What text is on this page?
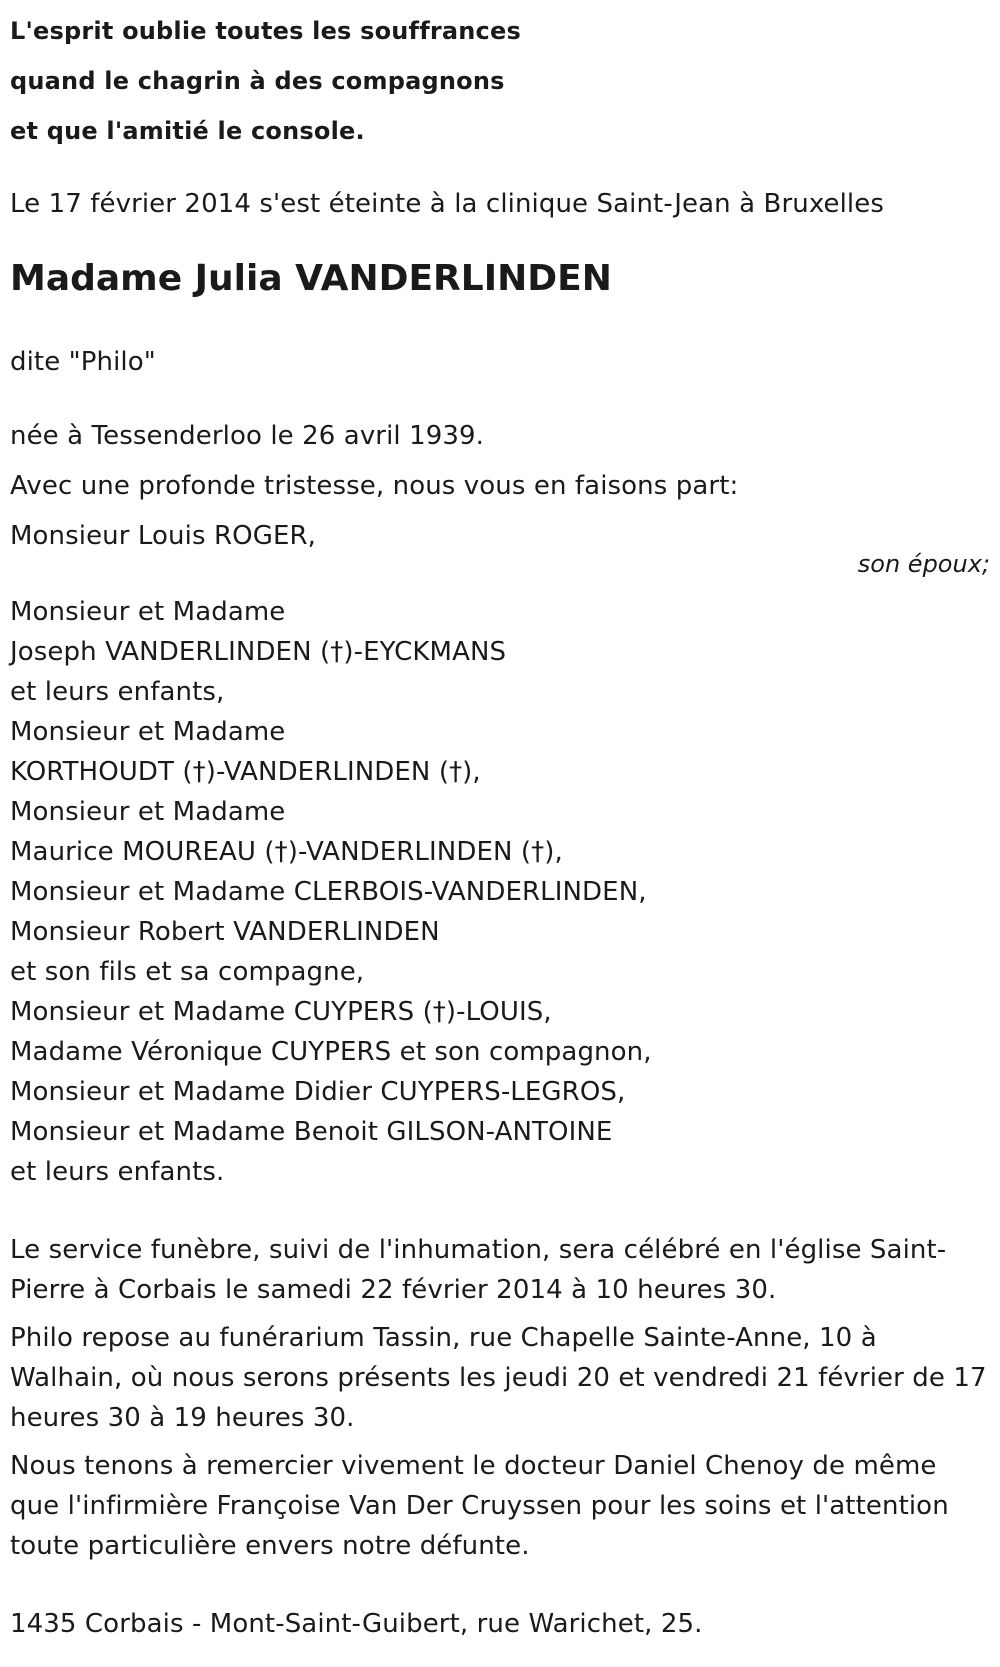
L'esprit oublie toutes les souffrances
quand le chagrin à des compagnons
et que l'amitié le console.

Le 17 février 2014 s'est éteinte à la clinique Saint-Jean à Bruxelles

Madame Julia VANDERLINDEN

dite "Philo"

née à Tessenderloo le 26 avril 1939.

Avec une profonde tristesse, nous vous en faisons part:

Monsieur Louis ROGER,

son époux;

Monsieur et Madame
Joseph VANDERLINDEN (†)-EYCKMANS
et leurs enfants,
Monsieur et Madame
KORTHOUDT (†)-VANDERLINDEN (†),
Monsieur et Madame
Maurice MOUREAU (†)-VANDERLINDEN (†),
Monsieur et Madame CLERBOIS-VANDERLINDEN,
Monsieur Robert VANDERLINDEN
et son fils et sa compagne,
Monsieur et Madame CUYPERS (†)-LOUIS,
Madame Véronique CUYPERS et son compagnon,
Monsieur et Madame Didier CUYPERS-LEGROS,
Monsieur et Madame Benoit GILSON-ANTOINE
et leurs enfants.

Le service funèbre, suivi de l'inhumation, sera célébré en l'église Saint-Pierre à Corbais le samedi 22 février 2014 à 10 heures 30.

Philo repose au funérarium Tassin, rue Chapelle Sainte-Anne, 10 à Walhain, où nous serons présents les jeudi 20 et vendredi 21 février de 17 heures 30 à 19 heures 30.

Nous tenons à remercier vivement le docteur Daniel Chenoy de même que l'infirmière Françoise Van Der Cruyssen pour les soins et l'attention toute particulière envers notre défunte.

1435 Corbais - Mont-Saint-Guibert, rue Warichet, 25.
